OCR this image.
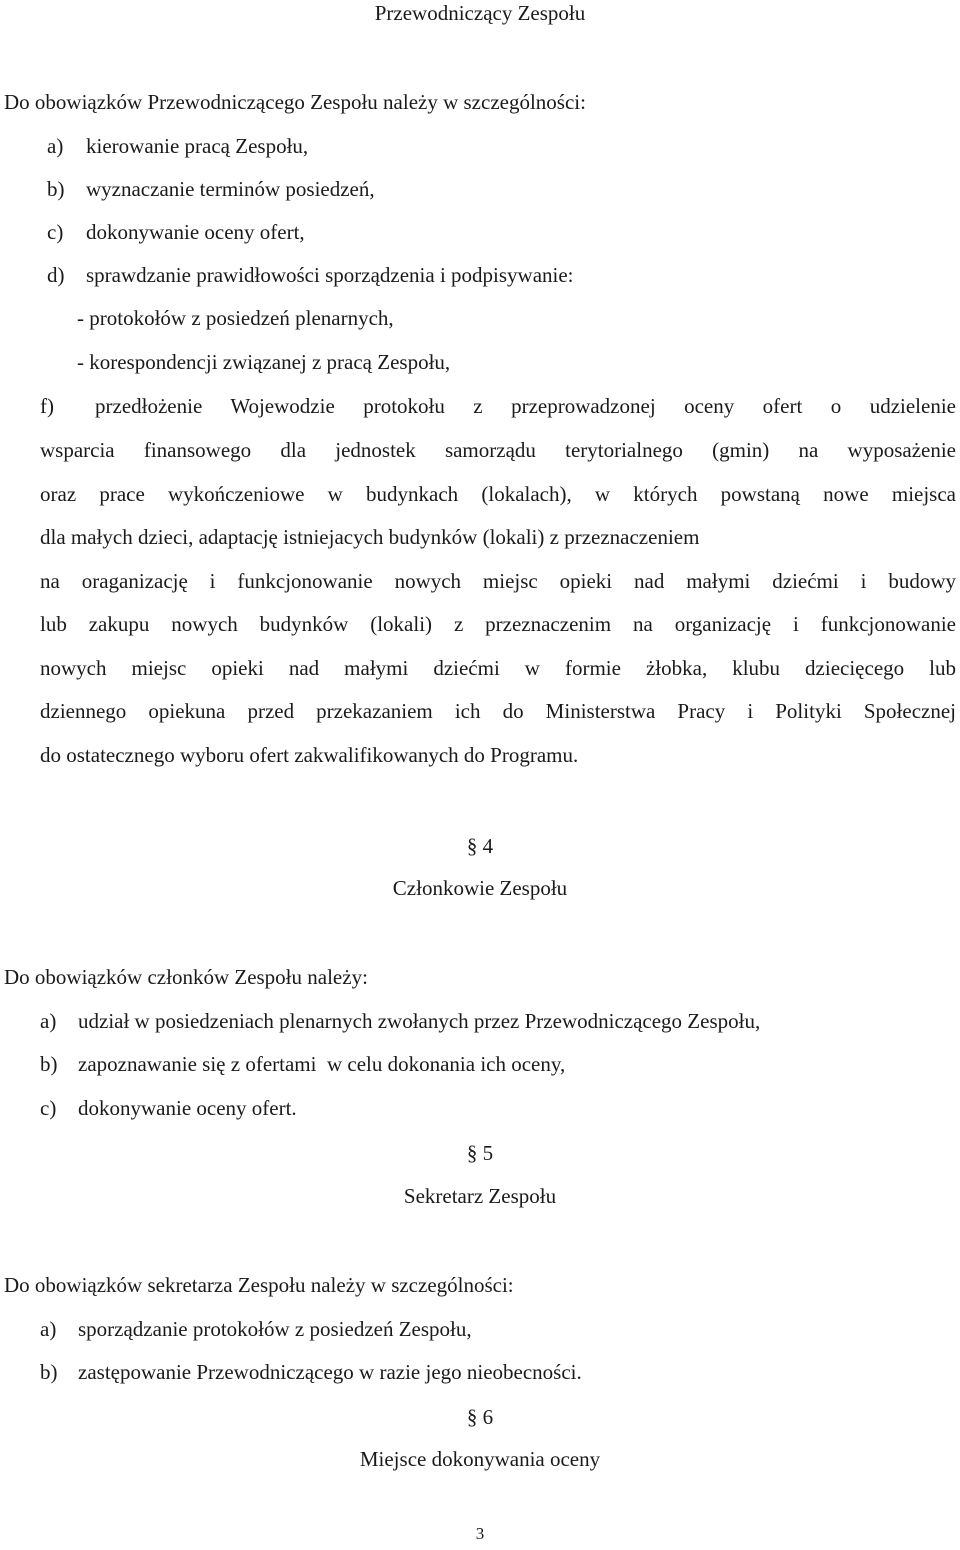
Przewodniczący Zespołu
Do obowiązków Przewodniczącego Zespołu należy w szczególności:
a) kierowanie pracą Zespołu,
b) wyznaczanie terminów posiedzeń,
c) dokonywanie oceny ofert,
d) sprawdzanie prawidłowości sporządzenia i podpisywanie:
- protokołów z posiedzeń plenarnych,
- korespondencji związanej z pracą Zespołu,
f) przedłożenie Wojewodzie protokołu z przeprowadzonej oceny ofert o udzielenie
wsparcia finansowego dla jednostek samorządu terytorialnego (gmin) na wyposażenie
oraz prace wykończeniowe w budynkach (lokalach), w których powstaną nowe miejsca
dla małych dzieci, adaptację istniejacych budynków (lokali) z przeznaczeniem
na oraganizację i funkcjonowanie nowych miejsc opieki nad małymi dziećmi i budowy
lub zakupu nowych budynków (lokali) z przeznaczenim na organizację i funkcjonowanie
nowych miejsc opieki nad małymi dziećmi w formie żłobka, klubu dziecięcego lub
dziennego opiekuna przed przekazaniem ich do Ministerstwa Pracy i Polityki Społecznej
do ostatecznego wyboru ofert zakwalifikowanych do Programu.
§ 4
Członkowie Zespołu
Do obowiązków członków Zespołu należy:
a) udział w posiedzeniach plenarnych zwołanych przez Przewodniczącego Zespołu,
b) zapoznawanie się z ofertami  w celu dokonania ich oceny,
c) dokonywanie oceny ofert.
§ 5
Sekretarz Zespołu
Do obowiązków sekretarza Zespołu należy w szczególności:
a) sporządzanie protokołów z posiedzeń Zespołu,
b) zastępowanie Przewodniczącego w razie jego nieobecności.
§ 6
Miejsce dokonywania oceny
3
